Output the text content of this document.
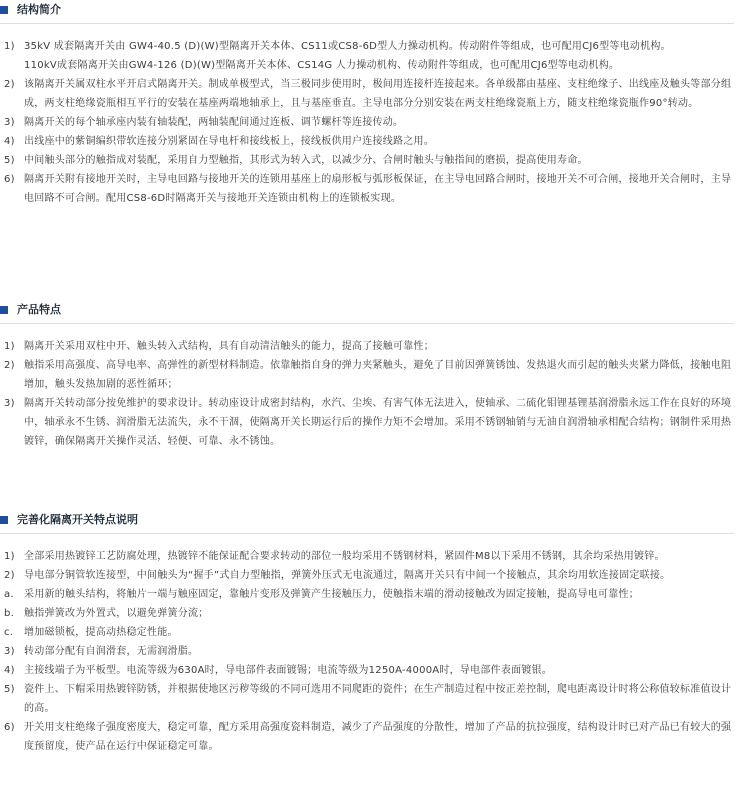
结构简介
1) 35kV 成套隔离开关由 GW4-40.5 (D)(W)型隔离开关本体、CS11或CS8-6D型人力操动机构。传动附件等组成，也可配用CJ6型等电动机构。
110kV成套隔离开关由GW4-126 (D)(W)型隔离开关本体、CS14G 人力操动机构、传动附件等组成，也可配用CJ6型等电动机构。
2) 该隔离开关属双柱水平开启式隔离开关。制成单极型式，当三极同步使用时，极间用连接杆连接起来。各单级都由基座、支柱绝缘子、出线座及触头等部分组成，两支柱绝缘瓷瓶相互平行的安装在基座两端地轴承上，且与基座垂直。主导电部分分别安装在两支柱绝缘瓷瓶上方，随支柱绝缘瓷瓶作90°转动。
3) 隔离开关的每个轴承座内装有轴装配，两轴装配间通过连板、调节螺杆等连接传动。
4) 出线座中的紫铜编织带软连接分别紧固在导电杆和接线板上，接线板供用户连接线路之用。
5) 中间触头部分的触指成对装配，采用自力型触指，其形式为转入式，以减少分、合闸时触头与触指间的磨损，提高使用寿命。
6) 隔离开关附有接地开关时，主导电回路与接地开关的连锁用基座上的扇形板与弧形板保证，在主导电回路合闸时，接地开关不可合闸，接地开关合闸时，主导电回路不可合闸。配用CS8-6D时隔离开关与接地开关连锁由机构上的连锁板实现。
产品特点
1) 隔离开关采用双柱中开、触头转入式结构，具有自动清洁触头的能力，提高了接触可靠性；
2) 触指采用高强度、高导电率、高弹性的新型材料制造。依靠触指自身的弹力夹紧触头，避免了目前因弹簧锈蚀、发热退火而引起的触头夹紧力降低，接触电阻增加，触头发热加剧的恶性循环；
3) 隔离开关转动部分按免维护的要求设计。转动座设计成密封结构，水汽、尘埃、有害气体无法进入，使轴承、二硫化钼锂基锂基润滑脂永远工作在良好的环境中，轴承永不生锈、润滑脂无法流失，永不干涸，使隔离开关长期运行后的操作力矩不会增加。采用不锈钢轴销与无油自润滑轴承相配合结构；钢制件采用热镀锌，确保隔离开关操作灵活、轻便、可靠、永不锈蚀。
完善化隔离开关特点说明
1) 全部采用热镀锌工艺防腐处理，热镀锌不能保证配合要求转动的部位一般均采用不锈钢材料，紧固件M8以下采用不锈钢，其余均采热用镀锌。
2) 导电部分铜管软连接型，中间触头为“握手”式自力型触指，弹簧外压式无电流通过，隔离开关只有中间一个接触点，其余均用软连接固定联接。
a. 采用新的触头结构，将触片一端与触座固定，靠触片变形及弹簧产生接触压力，使触指末端的滑动接触改为固定接触，提高导电可靠性；
b. 触指弹簧改为外置式，以避免弹簧分流；
c. 增加磁锁板，提高动热稳定性能。
3) 转动部分配有自润滑套，无需润滑脂。
4) 主接线端子为平板型。电流等级为630A时，导电部件表面镀锡；电流等级为1250A-4000A时，导电部件表面镀银。
5) 瓷件上、下帽采用热镀锌防锈，并根据使地区污秽等级的不同可选用不同爬距的瓷件；在生产制造过程中按正差控制，爬电距离设计时将公称值较标准值设计的高。
6) 开关用支柱绝缘子强度密度大，稳定可靠，配方采用高强度瓷料制造，减少了产品强度的分散性，增加了产品的抗拉强度，结构设计时已对产品已有较大的强度预留度，使产品在运行中保证稳定可靠。
